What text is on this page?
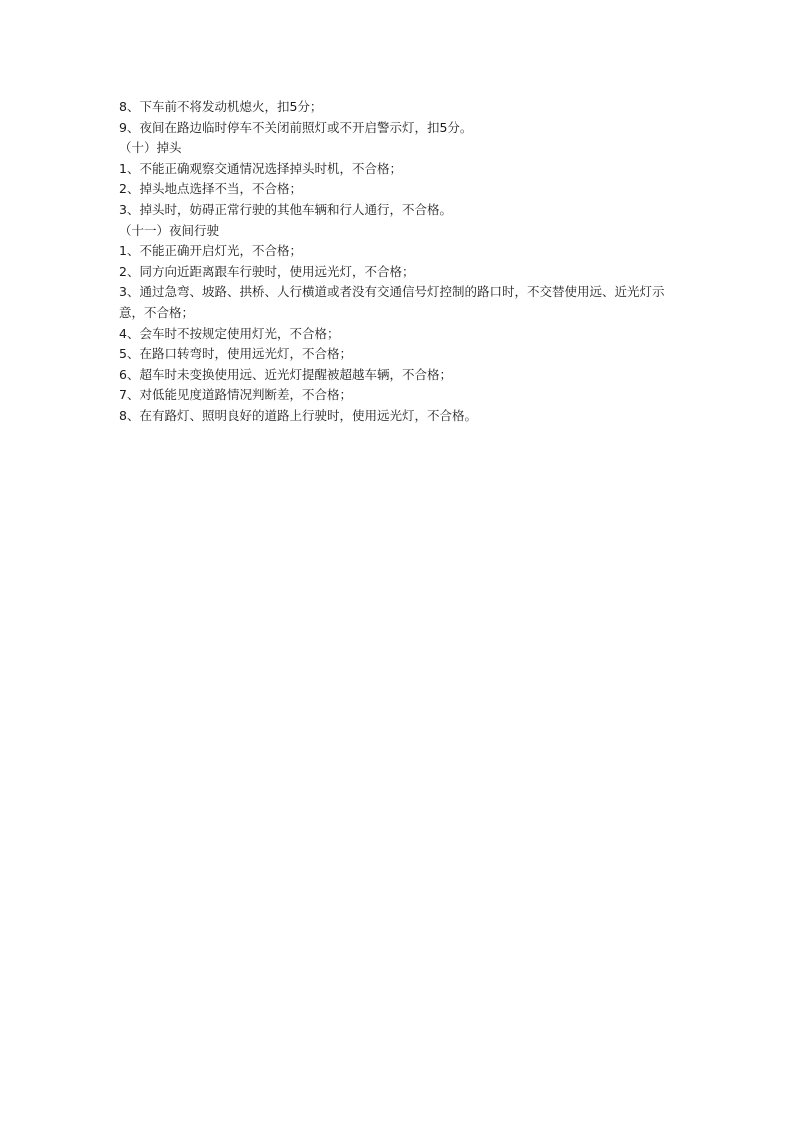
8、下车前不将发动机熄火，扣5分；

9、夜间在路边临时停车不关闭前照灯或不开启警示灯，扣5分。

（十）掉头

1、不能正确观察交通情况选择掉头时机，不合格；

2、掉头地点选择不当，不合格；

3、掉头时，妨碍正常行驶的其他车辆和行人通行，不合格。

（十一）夜间行驶

1、不能正确开启灯光，不合格；

2、同方向近距离跟车行驶时，使用远光灯，不合格；

3、通过急弯、坡路、拱桥、人行横道或者没有交通信号灯控制的路口时，不交替使用远、近光灯示意，不合格；

4、会车时不按规定使用灯光，不合格；

5、在路口转弯时，使用远光灯，不合格；

6、超车时未变换使用远、近光灯提醒被超越车辆，不合格；

7、对低能见度道路情况判断差，不合格；

8、在有路灯、照明良好的道路上行驶时，使用远光灯，不合格。
